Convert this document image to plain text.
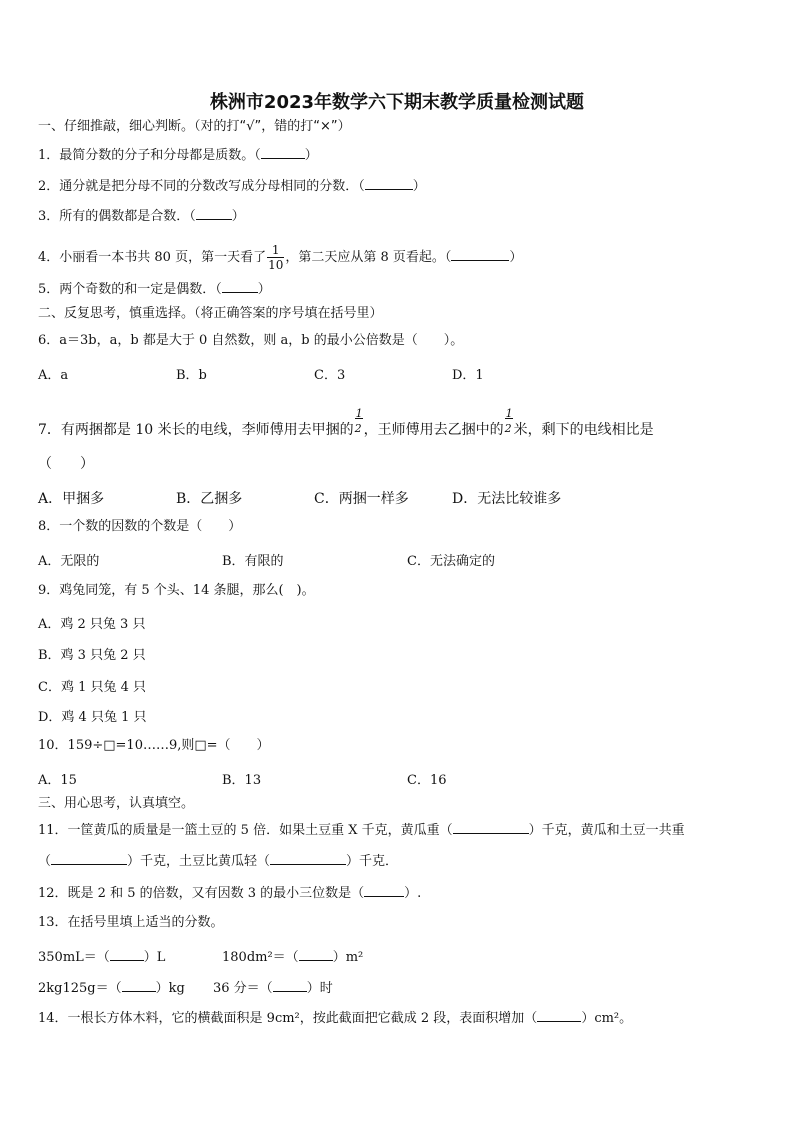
株洲市2023年数学六下期末教学质量检测试题
一、仔细推敲，细心判断。（对的打“√”，错的打“×”）
1．最简分数的分子和分母都是质数。（	）
2．通分就是把分母不同的分数改写成分母相同的分数．（	）
3．所有的偶数都是合数．（	）
4．小丽看一本书共 80 页，第一天看了 $\frac{1}{10}$ ，第二天应从第 8 页看起。（	）
5．两个奇数的和一定是偶数．（	）
二、反复思考，慎重选择。（将正确答案的序号填在括号里）
6．a＝3b，a，b 都是大于 0 自然数，则 a，b 的最小公倍数是（　　）。
A．a	B．b	C．3	D．1
7．有两捆都是 10 米长的电线，李师傅用去甲捆的 $\frac{1}{2}$ ，王师傅用去乙捆中的 $\frac{1}{2}$ 米，剩下的电线相比是
（　　）
A．甲捆多	B．乙捆多	C．两捆一样多	D．无法比较谁多
8．一个数的因数的个数是（　　）
A．无限的	B．有限的	C．无法确定的
9．鸡兔同笼，有 5 个头、14 条腿，那么(　)。
A．鸡 2 只兔 3 只
B．鸡 3 只兔 2 只
C．鸡 1 只兔 4 只
D．鸡 4 只兔 1 只
10．159÷□=10……9,则□=（　　）
A．15	B．13	C．16
三、用心思考，认真填空。
11．一筐黄瓜的质量是一篮土豆的 5 倍．如果土豆重 X 千克，黄瓜重（	）千克，黄瓜和土豆一共重
（	）千克，土豆比黄瓜轻（	）千克．
12．既是 2 和 5 的倍数，又有因数 3 的最小三位数是（	）.
13．在括号里填上适当的分数。
350mL＝（	）L	180dm²＝（	）m²
2kg125g＝（	）kg 36 分＝（	）时
14．一根长方体木料，它的横截面积是 9cm²，按此截面把它截成 2 段，表面积增加（	）cm²。
